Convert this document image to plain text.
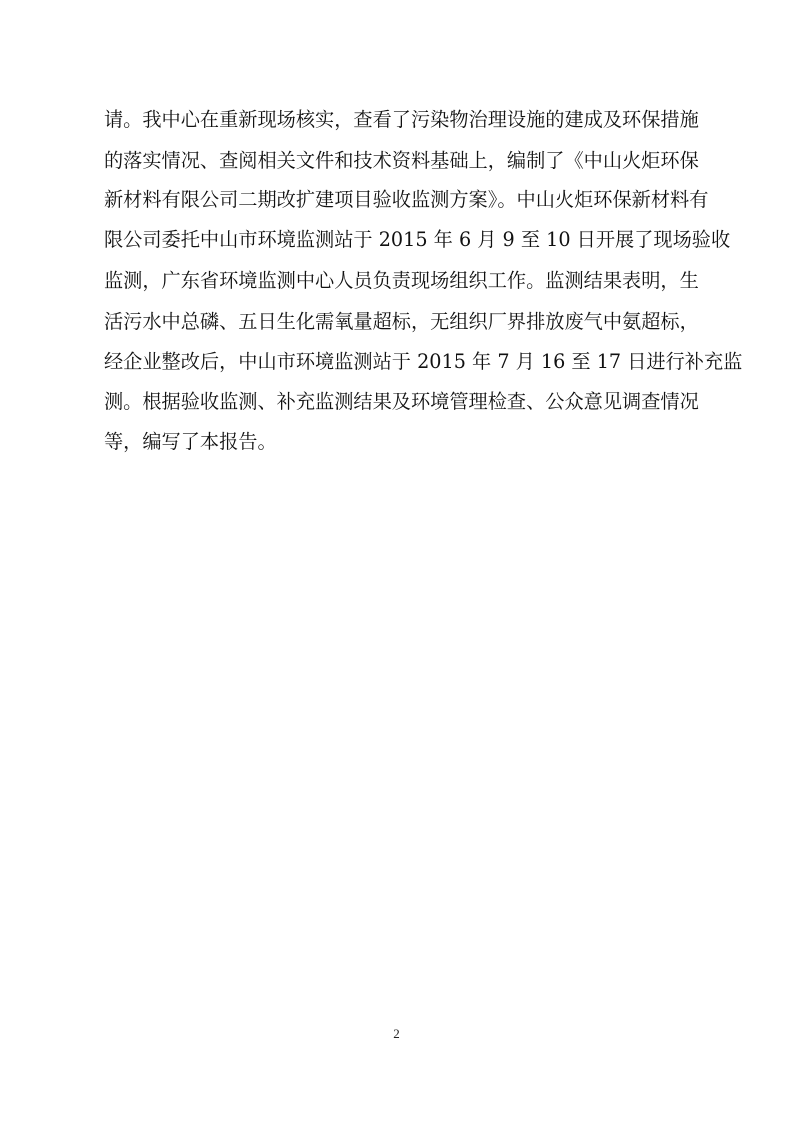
请。我中心在重新现场核实，查看了污染物治理设施的建成及环保措施
的落实情况、查阅相关文件和技术资料基础上，编制了《中山火炬环保
新材料有限公司二期改扩建项目验收监测方案》。中山火炬环保新材料有
限公司委托中山市环境监测站于 2015 年 6 月 9 至 10 日开展了现场验收
监测，广东省环境监测中心人员负责现场组织工作。监测结果表明，生
活污水中总磷、五日生化需氧量超标，无组织厂界排放废气中氨超标，
经企业整改后，中山市环境监测站于 2015 年 7 月 16 至 17 日进行补充监
测。根据验收监测、补充监测结果及环境管理检查、公众意见调查情况
等，编写了本报告。
2
